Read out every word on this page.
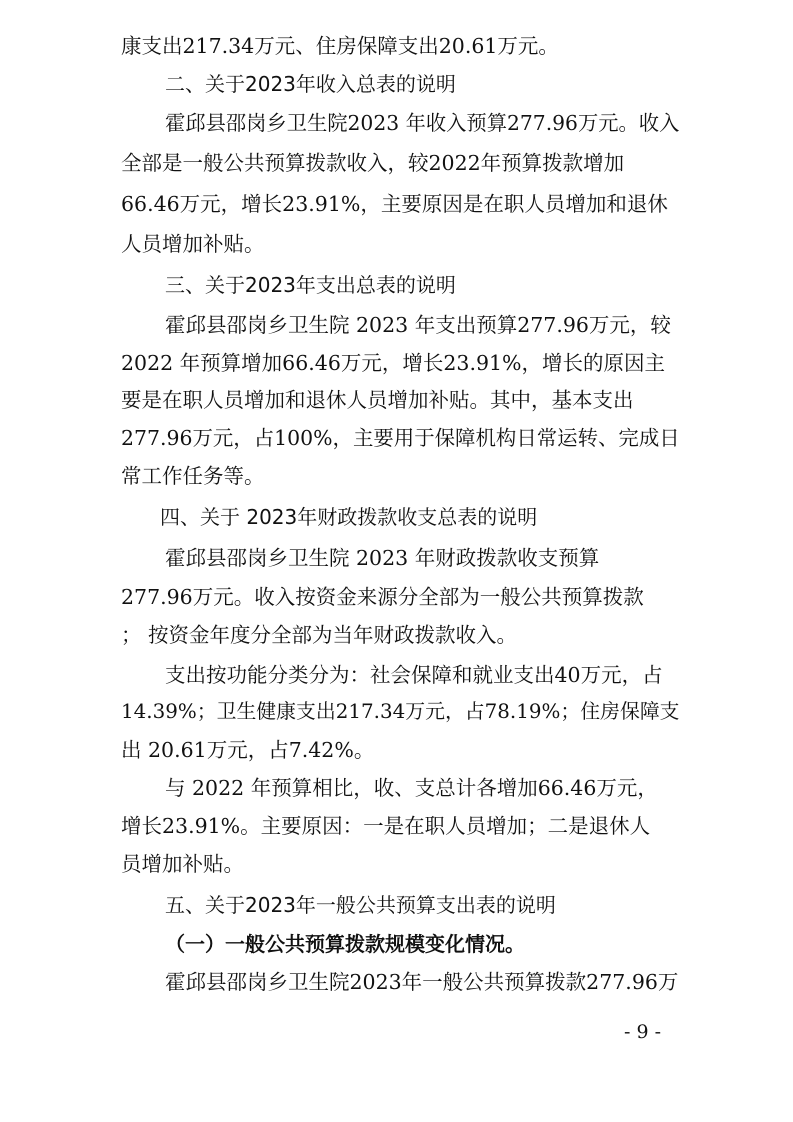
康支出217.34万元、住房保障支出20.61万元。

二、关于2023年收入总表的说明

霍邱县邵岗乡卫生院2023 年收入预算277.96万元。收入

全部是一般公共预算拨款收入，较2022年预算拨款增加

66.46万元，增长23.91%，主要原因是在职人员增加和退休

人员增加补贴。

三、关于2023年支出总表的说明

霍邱县邵岗乡卫生院 2023 年支出预算277.96万元，较

2022 年预算增加66.46万元，增长23.91%，增长的原因主

要是在职人员增加和退休人员增加补贴。其中，基本支出

277.96万元，占100%，主要用于保障机构日常运转、完成日

常工作任务等。

四、关于 2023年财政拨款收支总表的说明

霍邱县邵岗乡卫生院 2023 年财政拨款收支预算

277.96万元。收入按资金来源分全部为一般公共预算拨款

； 按资金年度分全部为当年财政拨款收入。

支出按功能分类分为：社会保障和就业支出40万元，占

14.39%；卫生健康支出217.34万元，占78.19%；住房保障支

出 20.61万元，占7.42%。

与 2022 年预算相比，收、支总计各增加66.46万元，

增长23.91%。主要原因：一是在职人员增加；二是退休人

员增加补贴。

五、关于2023年一般公共预算支出表的说明

（一）一般公共预算拨款规模变化情况。

霍邱县邵岗乡卫生院2023年一般公共预算拨款277.96万

- 9 -
